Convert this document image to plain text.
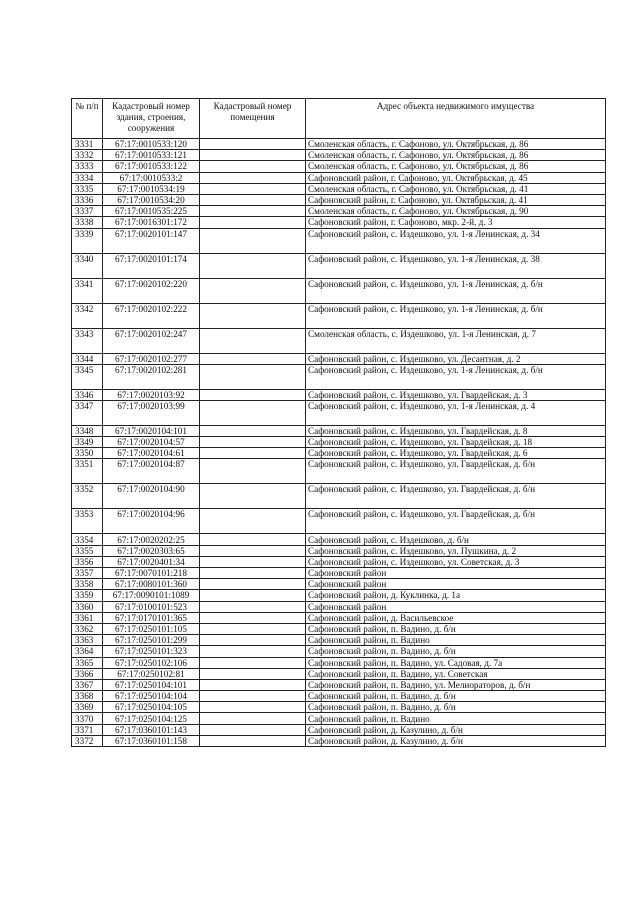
№ п/п	Кадастровый номер здания, строения, сооружения	Кадастровый номер помещения	Адрес объекта недвижимого имущества
3331	67:17:0010533:120		Смоленская область, г. Сафоново, ул. Октябрьская, д. 86
3332	67:17:0010533:121		Смоленская область, г. Сафоново, ул. Октябрьская, д. 86
3333	67:17:0010533:122		Смоленская область, г. Сафоново, ул. Октябрьская, д. 86
3334	67:17:0010533:2		Сафоновский район, г. Сафоново, ул. Октябрьская, д. 45
3335	67:17:0010534:19		Смоленская область, г. Сафоново, ул. Октябрьская, д. 41
3336	67:17:0010534:20		Сафоновский район, г. Сафоново, ул. Октябрьская, д. 41
3337	67:17:0010535:225		Смоленская область, г. Сафоново, ул. Октябрьская, д. 90
3338	67:17:0016301:172		Сафоновский район, г. Сафоново, мкр. 2-й, д. 3
3339	67:17:0020101:147		Сафоновский район, с. Издешково, ул. 1-я Ленинская, д. 34
3340	67:17:0020101:174		Сафоновский район, с. Издешково, ул. 1-я Ленинская, д. 38
3341	67:17:0020102:220		Сафоновский район, с. Издешково, ул. 1-я Ленинская, д. б/н
3342	67:17:0020102:222		Сафоновский район, с. Издешково, ул. 1-я Ленинская, д. б/н
3343	67:17:0020102:247		Смоленская область, с. Издешково, ул. 1-я Ленинская, д. 7
3344	67:17:0020102:277		Сафоновский район, с. Издешково, ул. Десантная, д. 2
3345	67:17:0020102:281		Сафоновский район, с. Издешково, ул. 1-я Ленинская, д. б/н
3346	67:17:0020103:92		Сафоновский район, с. Издешково, ул. Гвардейская, д. 3
3347	67:17:0020103:99		Сафоновский район, с. Издешково, ул. 1-я Ленинская, д. 4
3348	67:17:0020104:101		Сафоновский район, с. Издешково, ул. Гвардейская, д. 8
3349	67:17:0020104:57		Сафоновский район, с. Издешково, ул. Гвардейская, д. 18
3350	67:17:0020104:61		Сафоновский район, с. Издешково, ул. Гвардейская, д. 6
3351	67:17:0020104:87		Сафоновский район, с. Издешково, ул. Гвардейская, д. б/н
3352	67:17:0020104:90		Сафоновский район, с. Издешково, ул. Гвардейская, д. б/н
3353	67:17:0020104:96		Сафоновский район, с. Издешково, ул. Гвардейская, д. б/н
3354	67:17:0020202:25		Сафоновский район, с. Издешково, д. б/н
3355	67:17:0020303:65		Сафоновский район, с. Издешково, ул. Пушкина, д. 2
3356	67:17:0020401:34		Сафоновский район, с. Издешково, ул. Советская, д. 3
3357	67:17:0070101:218		Сафоновский район
3358	67:17:0080101:360		Сафоновский район
3359	67:17:0090101:1089		Сафоновский район, д. Куклинка, д. 1а
3360	67:17:0100101:523		Сафоновский район
3361	67:17:0170101:365		Сафоновский район, д. Васильевское
3362	67:17:0250101:105		Сафоновский район, п. Вадино, д. б/н
3363	67:17:0250101:299		Сафоновский район, п. Вадино
3364	67:17:0250101:323		Сафоновский район, п. Вадино, д. б/н
3365	67:17:0250102:106		Сафоновский район, п. Вадино, ул. Садовая, д. 7а
3366	67:17:0250102:81		Сафоновский район, п. Вадино, ул. Советская
3367	67:17:0250104:101		Сафоновский район, п. Вадино, ул. Мелиораторов, д. б/н
3368	67:17:0250104:104		Сафоновский район, п. Вадино, д. б/н
3369	67:17:0250104:105		Сафоновский район, п. Вадино, д. б/н
3370	67:17:0250104:125		Сафоновский район, п. Вадино
3371	67:17:0360101:143		Сафоновский район, д. Казулино, д. б/н
3372	67:17:0360101:158		Сафоновский район, д. Казулино, д. б/н
